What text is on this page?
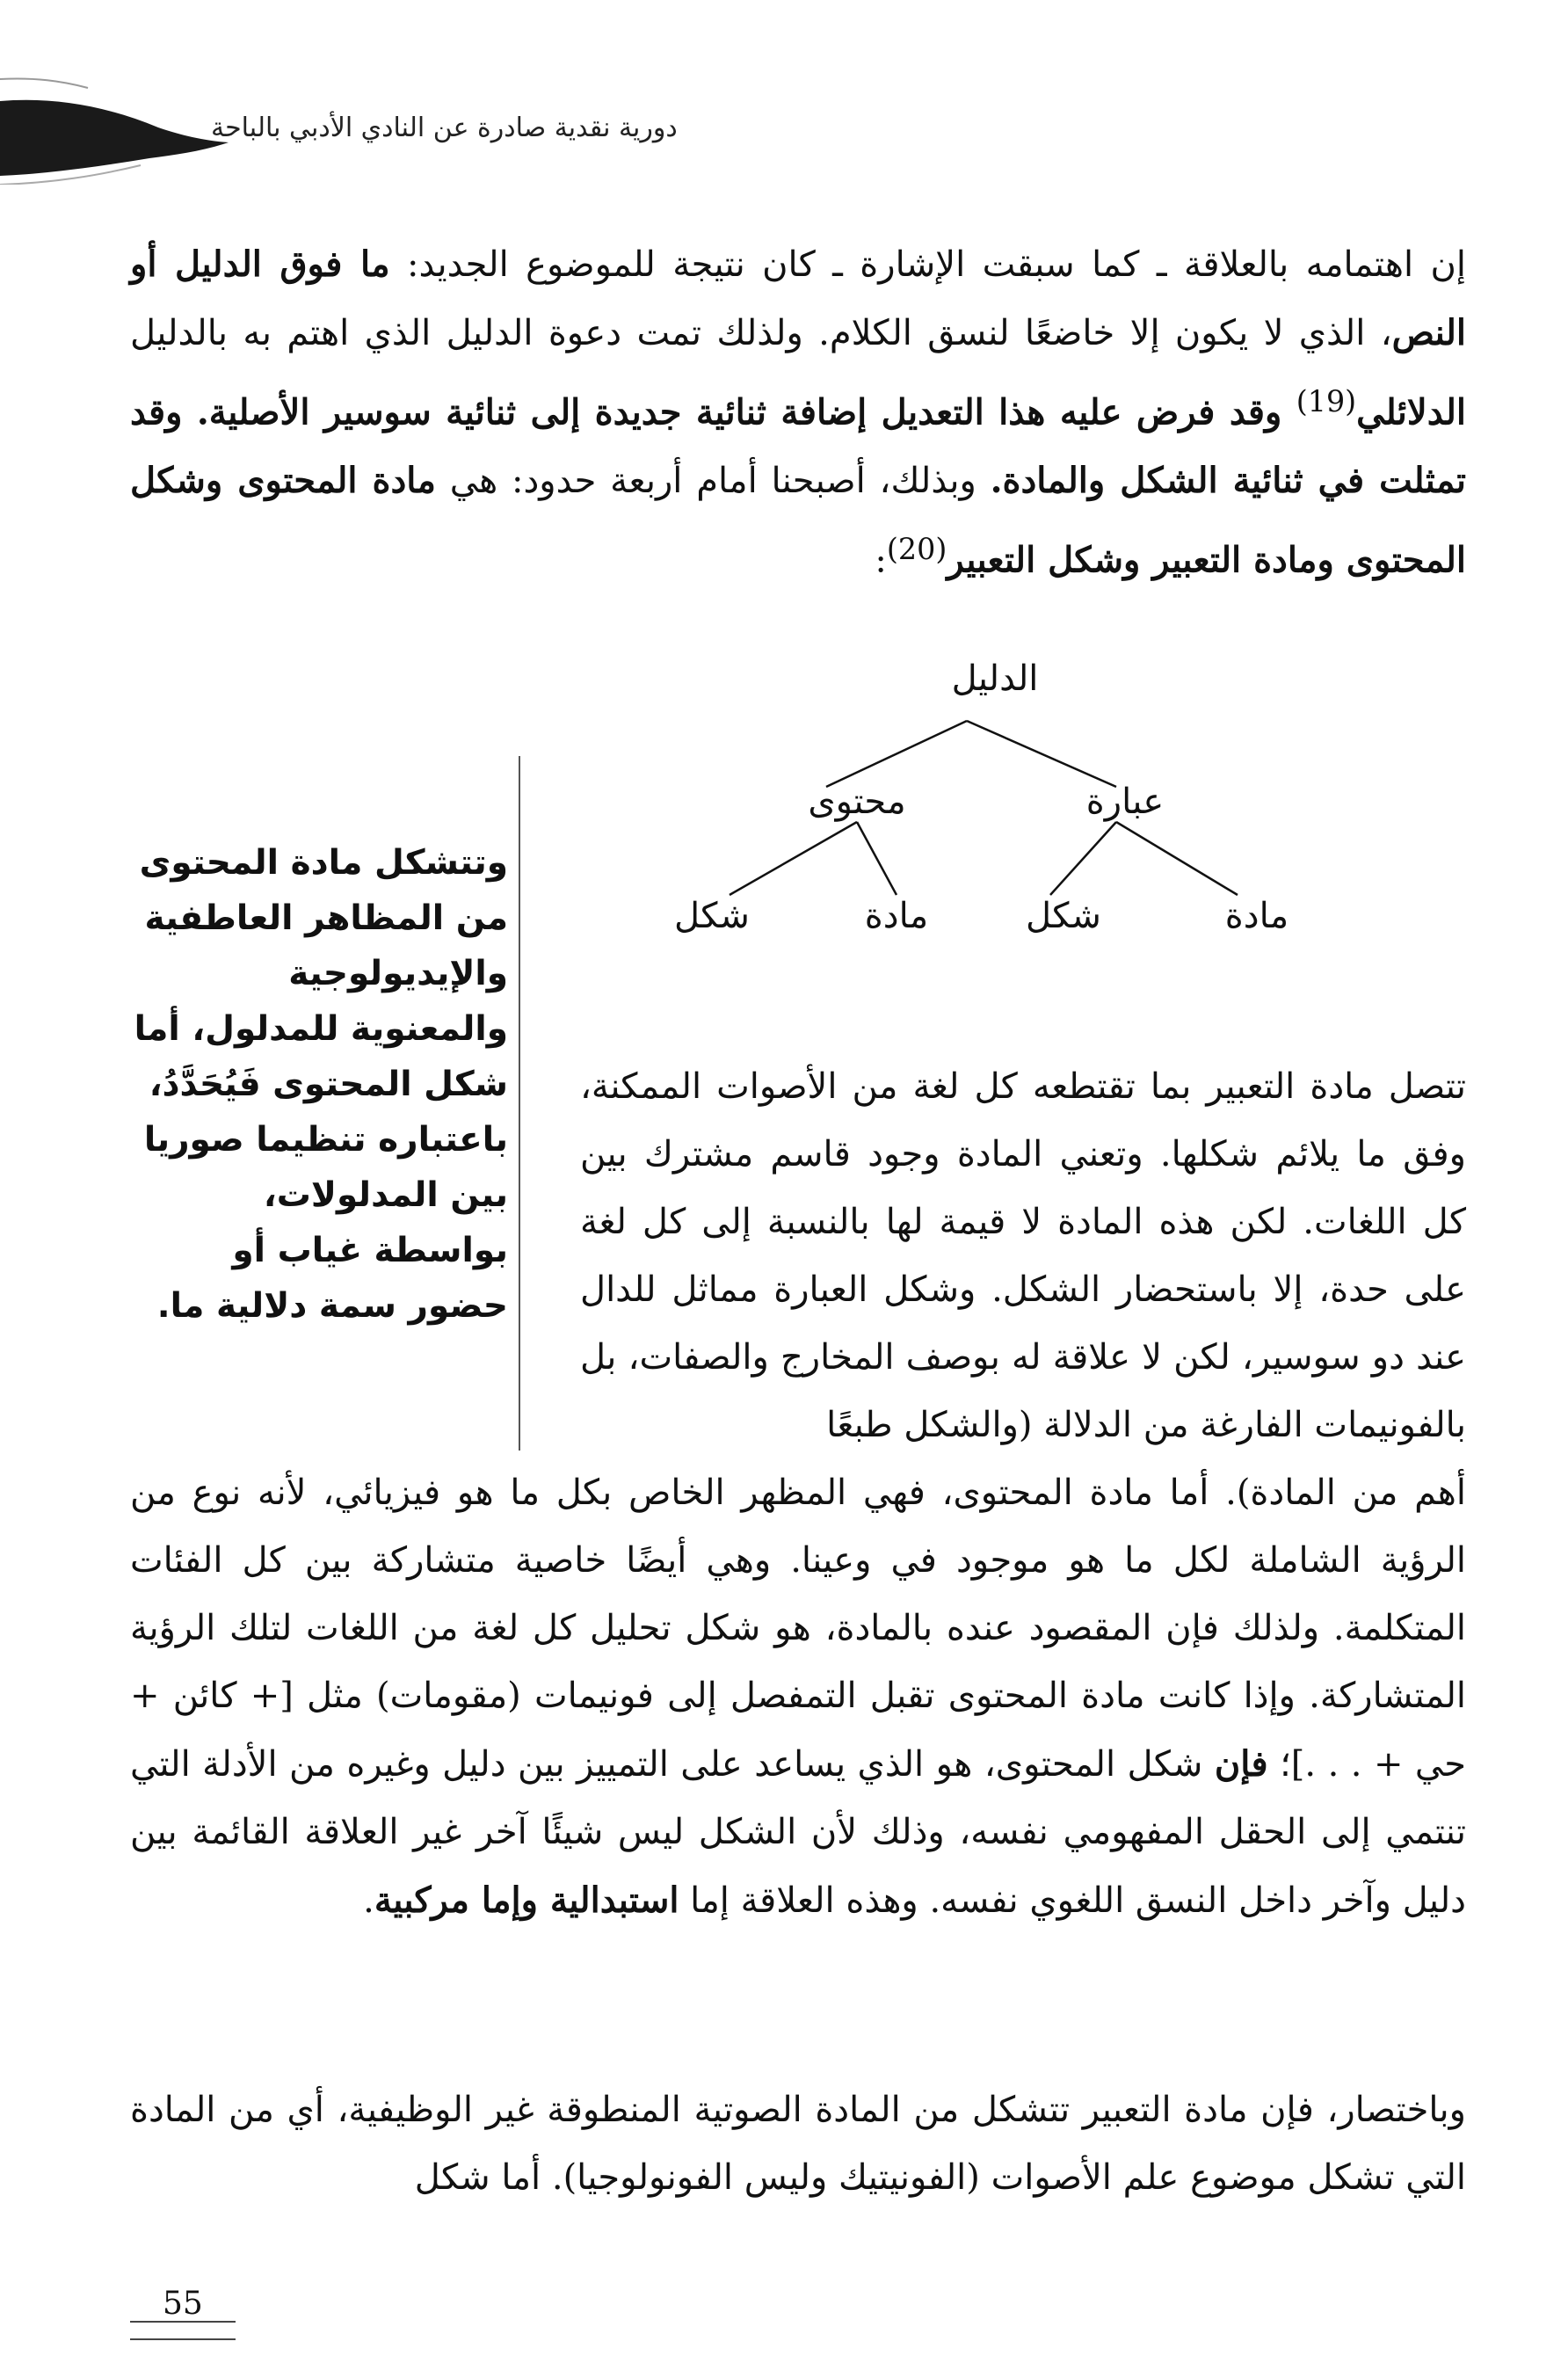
دورية نقدية صادرة عن النادي الأدبي بالباحة

إن اهتمامه بالعلاقة ـ كما سبقت الإشارة ـ كان نتيجة للموضوع الجديد: ما فوق الدليل أو النص، الذي لا يكون إلا خاضعًا لنسق الكلام. ولذلك تمت دعوة الدليل الذي اهتم به بالدليل الدلائلي$^{(19)}$ وقد فرض عليه هذا التعديل إضافة ثنائية جديدة إلى ثنائية سوسير الأصلية. وقد تمثلت في ثنائية الشكل والمادة. وبذلك، أصبحنا أمام أربعة حدود: هي مادة المحتوى وشكل المحتوى ومادة التعبير وشكل التعبير$^{(20)}$:

الدليل
محتوى	عبارة
شكل	مادة	شكل	مادة

وتتشكل مادة المحتوى من المظاهر العاطفية والإيديولوجية والمعنوية للمدلول، أما شكل المحتوى فَيُحَدَّدُ، باعتباره تنظيما صوريا بين المدلولات، بواسطة غياب أو حضور سمة دلالية ما.

تتصل مادة التعبير بما تقتطعه كل لغة من الأصوات الممكنة، وفق ما يلائم شكلها. وتعني المادة وجود قاسم مشترك بين كل اللغات. لكن هذه المادة لا قيمة لها بالنسبة إلى كل لغة على حدة، إلا باستحضار الشكل. وشكل العبارة مماثل للدال عند دو سوسير، لكن لا علاقة له بوصف المخارج والصفات، بل بالفونيمات الفارغة من الدلالة (والشكل طبعًا

أهم من المادة). أما مادة المحتوى، فهي المظهر الخاص بكل ما هو فيزيائي، لأنه نوع من الرؤية الشاملة لكل ما هو موجود في وعينا. وهي أيضًا خاصية متشاركة بين كل الفئات المتكلمة. ولذلك فإن المقصود عنده بالمادة، هو شكل تحليل كل لغة من اللغات لتلك الرؤية المتشاركة. وإذا كانت مادة المحتوى تقبل التمفصل إلى فونيمات (مقومات) مثل [+ كائن + حي + . . .]؛ فإن شكل المحتوى، هو الذي يساعد على التمييز بين دليل وغيره من الأدلة التي تنتمي إلى الحقل المفهومي نفسه، وذلك لأن الشكل ليس شيئًا آخر غير العلاقة القائمة بين دليل وآخر داخل النسق اللغوي نفسه. وهذه العلاقة إما استبدالية وإما مركبية.

وباختصار، فإن مادة التعبير تتشكل من المادة الصوتية المنطوقة غير الوظيفية، أي من المادة التي تشكل موضوع علم الأصوات (الفونيتيك وليس الفونولوجيا). أما شكل

55
